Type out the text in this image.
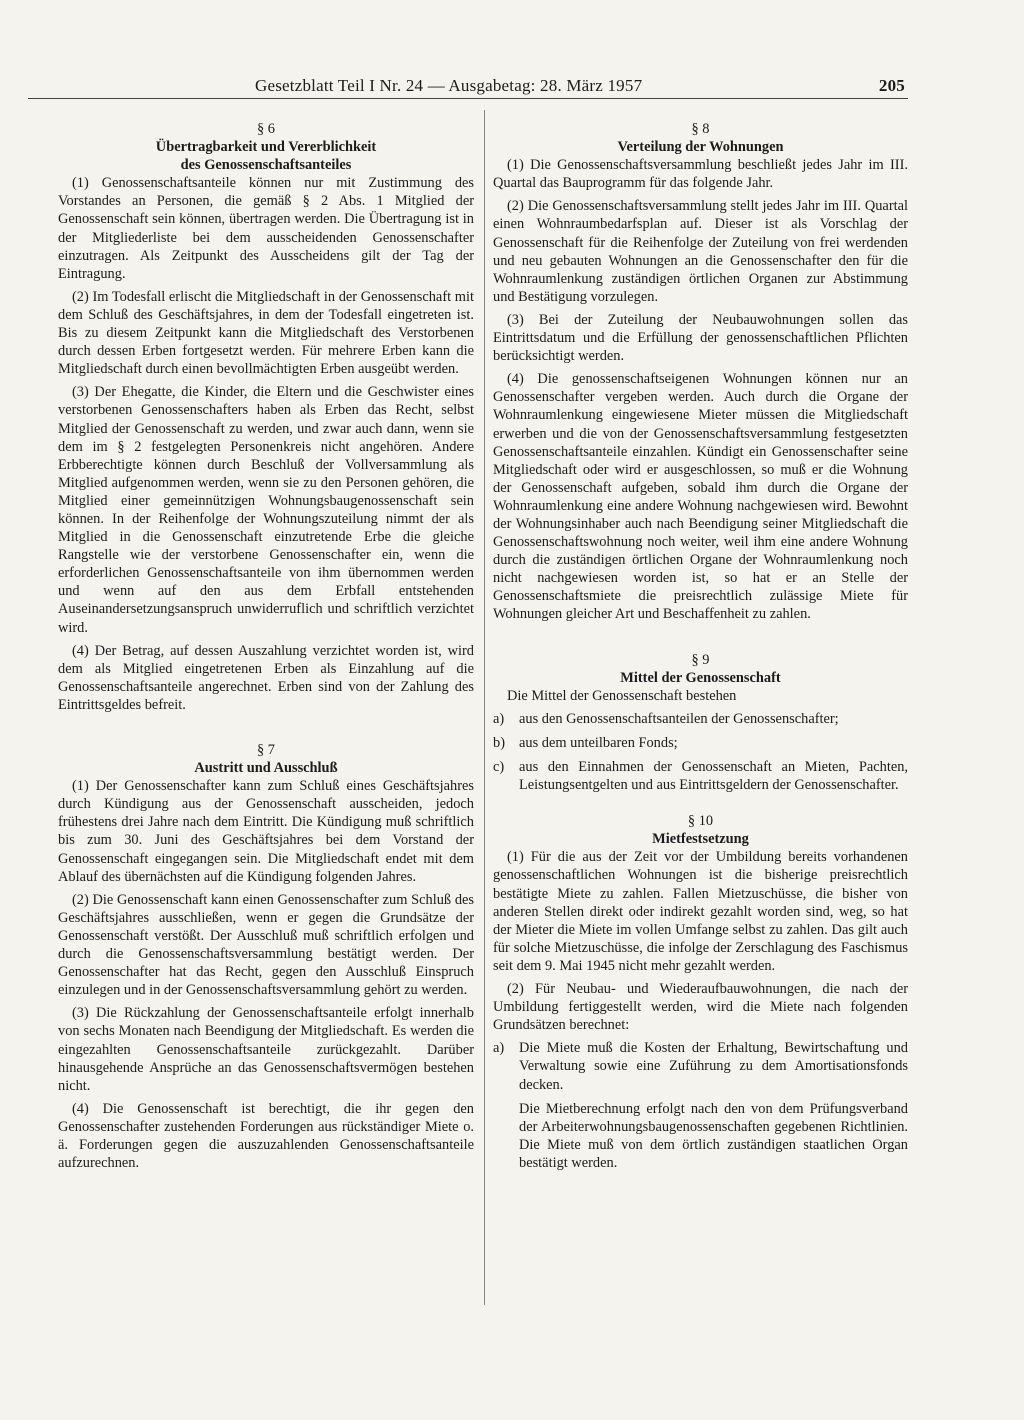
Gesetzblatt Teil I Nr. 24 — Ausgabetag: 28. März 1957	205
§ 6
Übertragbarkeit und Vererblichkeit
des Genossenschaftsanteiles

(1) Genossenschaftsanteile können nur mit Zustimmung des Vorstandes an Personen, die gemäß § 2 Abs. 1 Mitglied der Genossenschaft sein können, übertragen werden. Die Übertragung ist in der Mitgliederliste bei dem ausscheidenden Genossenschafter einzutragen. Als Zeitpunkt des Ausscheidens gilt der Tag der Eintragung.

(2) Im Todesfall erlischt die Mitgliedschaft in der Genossenschaft mit dem Schluß des Geschäftsjahres, in dem der Todesfall eingetreten ist. Bis zu diesem Zeitpunkt kann die Mitgliedschaft des Verstorbenen durch dessen Erben fortgesetzt werden. Für mehrere Erben kann die Mitgliedschaft durch einen bevollmächtigten Erben ausgeübt werden.

(3) Der Ehegatte, die Kinder, die Eltern und die Geschwister eines verstorbenen Genossenschafters haben als Erben das Recht, selbst Mitglied der Genossenschaft zu werden, und zwar auch dann, wenn sie dem im § 2 festgelegten Personenkreis nicht angehören. Andere Erbberechtigte können durch Beschluß der Vollversammlung als Mitglied aufgenommen werden, wenn sie zu den Personen gehören, die Mitglied einer gemeinnützigen Wohnungsbaugenossenschaft sein können. In der Reihenfolge der Wohnungszuteilung nimmt der als Mitglied in die Genossenschaft einzutretende Erbe die gleiche Rangstelle wie der verstorbene Genossenschafter ein, wenn die erforderlichen Genossenschaftsanteile von ihm übernommen werden und wenn auf den aus dem Erbfall entstehenden Auseinandersetzungsanspruch unwiderruflich und schriftlich verzichtet wird.

(4) Der Betrag, auf dessen Auszahlung verzichtet worden ist, wird dem als Mitglied eingetretenen Erben als Einzahlung auf die Genossenschaftsanteile angerechnet. Erben sind von der Zahlung des Eintrittsgeldes befreit.

§ 7
Austritt und Ausschluß

(1) Der Genossenschafter kann zum Schluß eines Geschäftsjahres durch Kündigung aus der Genossenschaft ausscheiden, jedoch frühestens drei Jahre nach dem Eintritt. Die Kündigung muß schriftlich bis zum 30. Juni des Geschäftsjahres bei dem Vorstand der Genossenschaft eingegangen sein. Die Mitgliedschaft endet mit dem Ablauf des übernächsten auf die Kündigung folgenden Jahres.

(2) Die Genossenschaft kann einen Genossenschafter zum Schluß des Geschäftsjahres ausschließen, wenn er gegen die Grundsätze der Genossenschaft verstößt. Der Ausschluß muß schriftlich erfolgen und durch die Genossenschaftsversammlung bestätigt werden. Der Genossenschafter hat das Recht, gegen den Ausschluß Einspruch einzulegen und in der Genossenschaftsversammlung gehört zu werden.

(3) Die Rückzahlung der Genossenschaftsanteile erfolgt innerhalb von sechs Monaten nach Beendigung der Mitgliedschaft. Es werden die eingezahlten Genossenschaftsanteile zurückgezahlt. Darüber hinausgehende Ansprüche an das Genossenschaftsvermögen bestehen nicht.

(4) Die Genossenschaft ist berechtigt, die ihr gegen den Genossenschafter zustehenden Forderungen aus rückständiger Miete o. ä. Forderungen gegen die auszuzahlenden Genossenschaftsanteile aufzurechnen.

§ 8
Verteilung der Wohnungen

(1) Die Genossenschaftsversammlung beschließt jedes Jahr im III. Quartal das Bauprogramm für das folgende Jahr.

(2) Die Genossenschaftsversammlung stellt jedes Jahr im III. Quartal einen Wohnraumbedarfsplan auf. Dieser ist als Vorschlag der Genossenschaft für die Reihenfolge der Zuteilung von frei werdenden und neu gebauten Wohnungen an die Genossenschafter den für die Wohnraumlenkung zuständigen örtlichen Organen zur Abstimmung und Bestätigung vorzulegen.

(3) Bei der Zuteilung der Neubauwohnungen sollen das Eintrittsdatum und die Erfüllung der genossenschaftlichen Pflichten berücksichtigt werden.

(4) Die genossenschaftseigenen Wohnungen können nur an Genossenschafter vergeben werden. Auch durch die Organe der Wohnraumlenkung eingewiesene Mieter müssen die Mitgliedschaft erwerben und die von der Genossenschaftsversammlung festgesetzten Genossenschaftsanteile einzahlen. Kündigt ein Genossenschafter seine Mitgliedschaft oder wird er ausgeschlossen, so muß er die Wohnung der Genossenschaft aufgeben, sobald ihm durch die Organe der Wohnraumlenkung eine andere Wohnung nachgewiesen wird. Bewohnt der Wohnungsinhaber auch nach Beendigung seiner Mitgliedschaft die Genossenschaftswohnung noch weiter, weil ihm eine andere Wohnung durch die zuständigen örtlichen Organe der Wohnraumlenkung noch nicht nachgewiesen worden ist, so hat er an Stelle der Genossenschaftsmiete die preisrechtlich zulässige Miete für Wohnungen gleicher Art und Beschaffenheit zu zahlen.

§ 9
Mittel der Genossenschaft

Die Mittel der Genossenschaft bestehen

a) aus den Genossenschaftsanteilen der Genossenschafter;
b) aus dem unteilbaren Fonds;
c) aus den Einnahmen der Genossenschaft an Mieten, Pachten, Leistungsentgelten und aus Eintrittsgeldern der Genossenschafter.
§ 10
Mietfestsetzung

(1) Für die aus der Zeit vor der Umbildung bereits vorhandenen genossenschaftlichen Wohnungen ist die bisherige preisrechtlich bestätigte Miete zu zahlen. Fallen Mietzuschüsse, die bisher von anderen Stellen direkt oder indirekt gezahlt worden sind, weg, so hat der Mieter die Miete im vollen Umfange selbst zu zahlen. Das gilt auch für solche Mietzuschüsse, die infolge der Zerschlagung des Faschismus seit dem 9. Mai 1945 nicht mehr gezahlt werden.

(2) Für Neubau- und Wiederaufbauwohnungen, die nach der Umbildung fertiggestellt werden, wird die Miete nach folgenden Grundsätzen berechnet:

a) Die Miete muß die Kosten der Erhaltung, Bewirtschaftung und Verwaltung sowie eine Zuführung zu dem Amortisationsfonds decken.

Die Mietberechnung erfolgt nach den von dem Prüfungsverband der Arbeiterwohnungsbaugenossenschaften gegebenen Richtlinien. Die Miete muß von dem örtlich zuständigen staatlichen Organ bestätigt werden.
